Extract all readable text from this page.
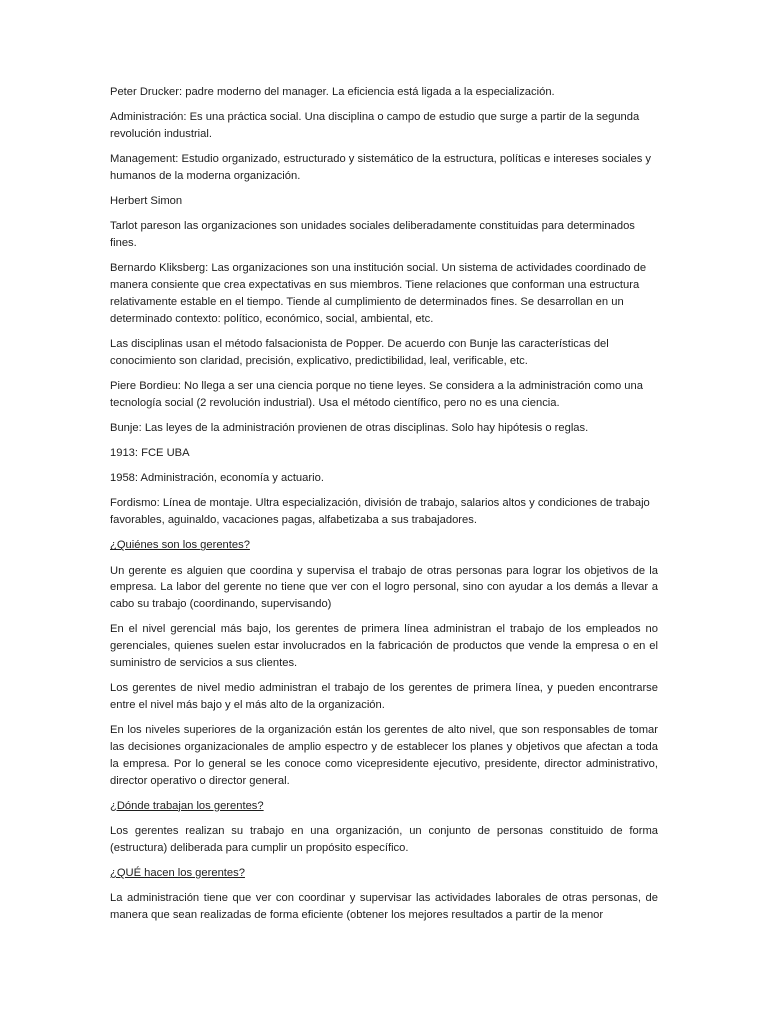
Peter Drucker: padre moderno del manager. La eficiencia está ligada a la especialización.

Administración: Es una práctica social. Una disciplina o campo de estudio que surge a partir de la segunda revolución industrial.

Management: Estudio organizado, estructurado y sistemático de la estructura, políticas e intereses sociales y humanos de la moderna organización.

Herbert Simon

Tarlot pareson las organizaciones son unidades sociales deliberadamente constituidas para determinados fines.

Bernardo Kliksberg: Las organizaciones son una institución social. Un sistema de actividades coordinado de manera consiente que crea expectativas en sus miembros. Tiene relaciones que conforman una estructura relativamente estable en el tiempo. Tiende al cumplimiento de determinados fines. Se desarrollan en un determinado contexto: político, económico, social, ambiental, etc.

Las disciplinas usan el método falsacionista de Popper. De acuerdo con Bunje las características del conocimiento son claridad, precisión, explicativo, predictibilidad, leal, verificable, etc.

Piere Bordieu: No llega a ser una ciencia porque no tiene leyes. Se considera a la administración como una tecnología social (2 revolución industrial). Usa el método científico, pero no es una ciencia.

Bunje: Las leyes de la administración provienen de otras disciplinas. Solo hay hipótesis o reglas.

1913: FCE UBA

1958: Administración, economía y actuario.

Fordismo: Línea de montaje. Ultra especialización, división de trabajo, salarios altos y condiciones de trabajo favorables, aguinaldo, vacaciones pagas, alfabetizaba a sus trabajadores.

¿Quiénes son los gerentes?

Un gerente es alguien que coordina y supervisa el trabajo de otras personas para lograr los objetivos de la empresa. La labor del gerente no tiene que ver con el logro personal, sino con ayudar a los demás a llevar a cabo su trabajo (coordinando, supervisando)

En el nivel gerencial más bajo, los gerentes de primera línea administran el trabajo de los empleados no gerenciales, quienes suelen estar involucrados en la fabricación de productos que vende la empresa o en el suministro de servicios a sus clientes.

Los gerentes de nivel medio administran el trabajo de los gerentes de primera línea, y pueden encontrarse entre el nivel más bajo y el más alto de la organización.

En los niveles superiores de la organización están los gerentes de alto nivel, que son responsables de tomar las decisiones organizacionales de amplio espectro y de establecer los planes y objetivos que afectan a toda la empresa. Por lo general se les conoce como vicepresidente ejecutivo, presidente, director administrativo, director operativo o director general.

¿Dónde trabajan los gerentes?

Los gerentes realizan su trabajo en una organización, un conjunto de personas constituido de forma (estructura) deliberada para cumplir un propósito específico.

¿QUÉ hacen los gerentes?

La administración tiene que ver con coordinar y supervisar las actividades laborales de otras personas, de manera que sean realizadas de forma eficiente (obtener los mejores resultados a partir de la menor
